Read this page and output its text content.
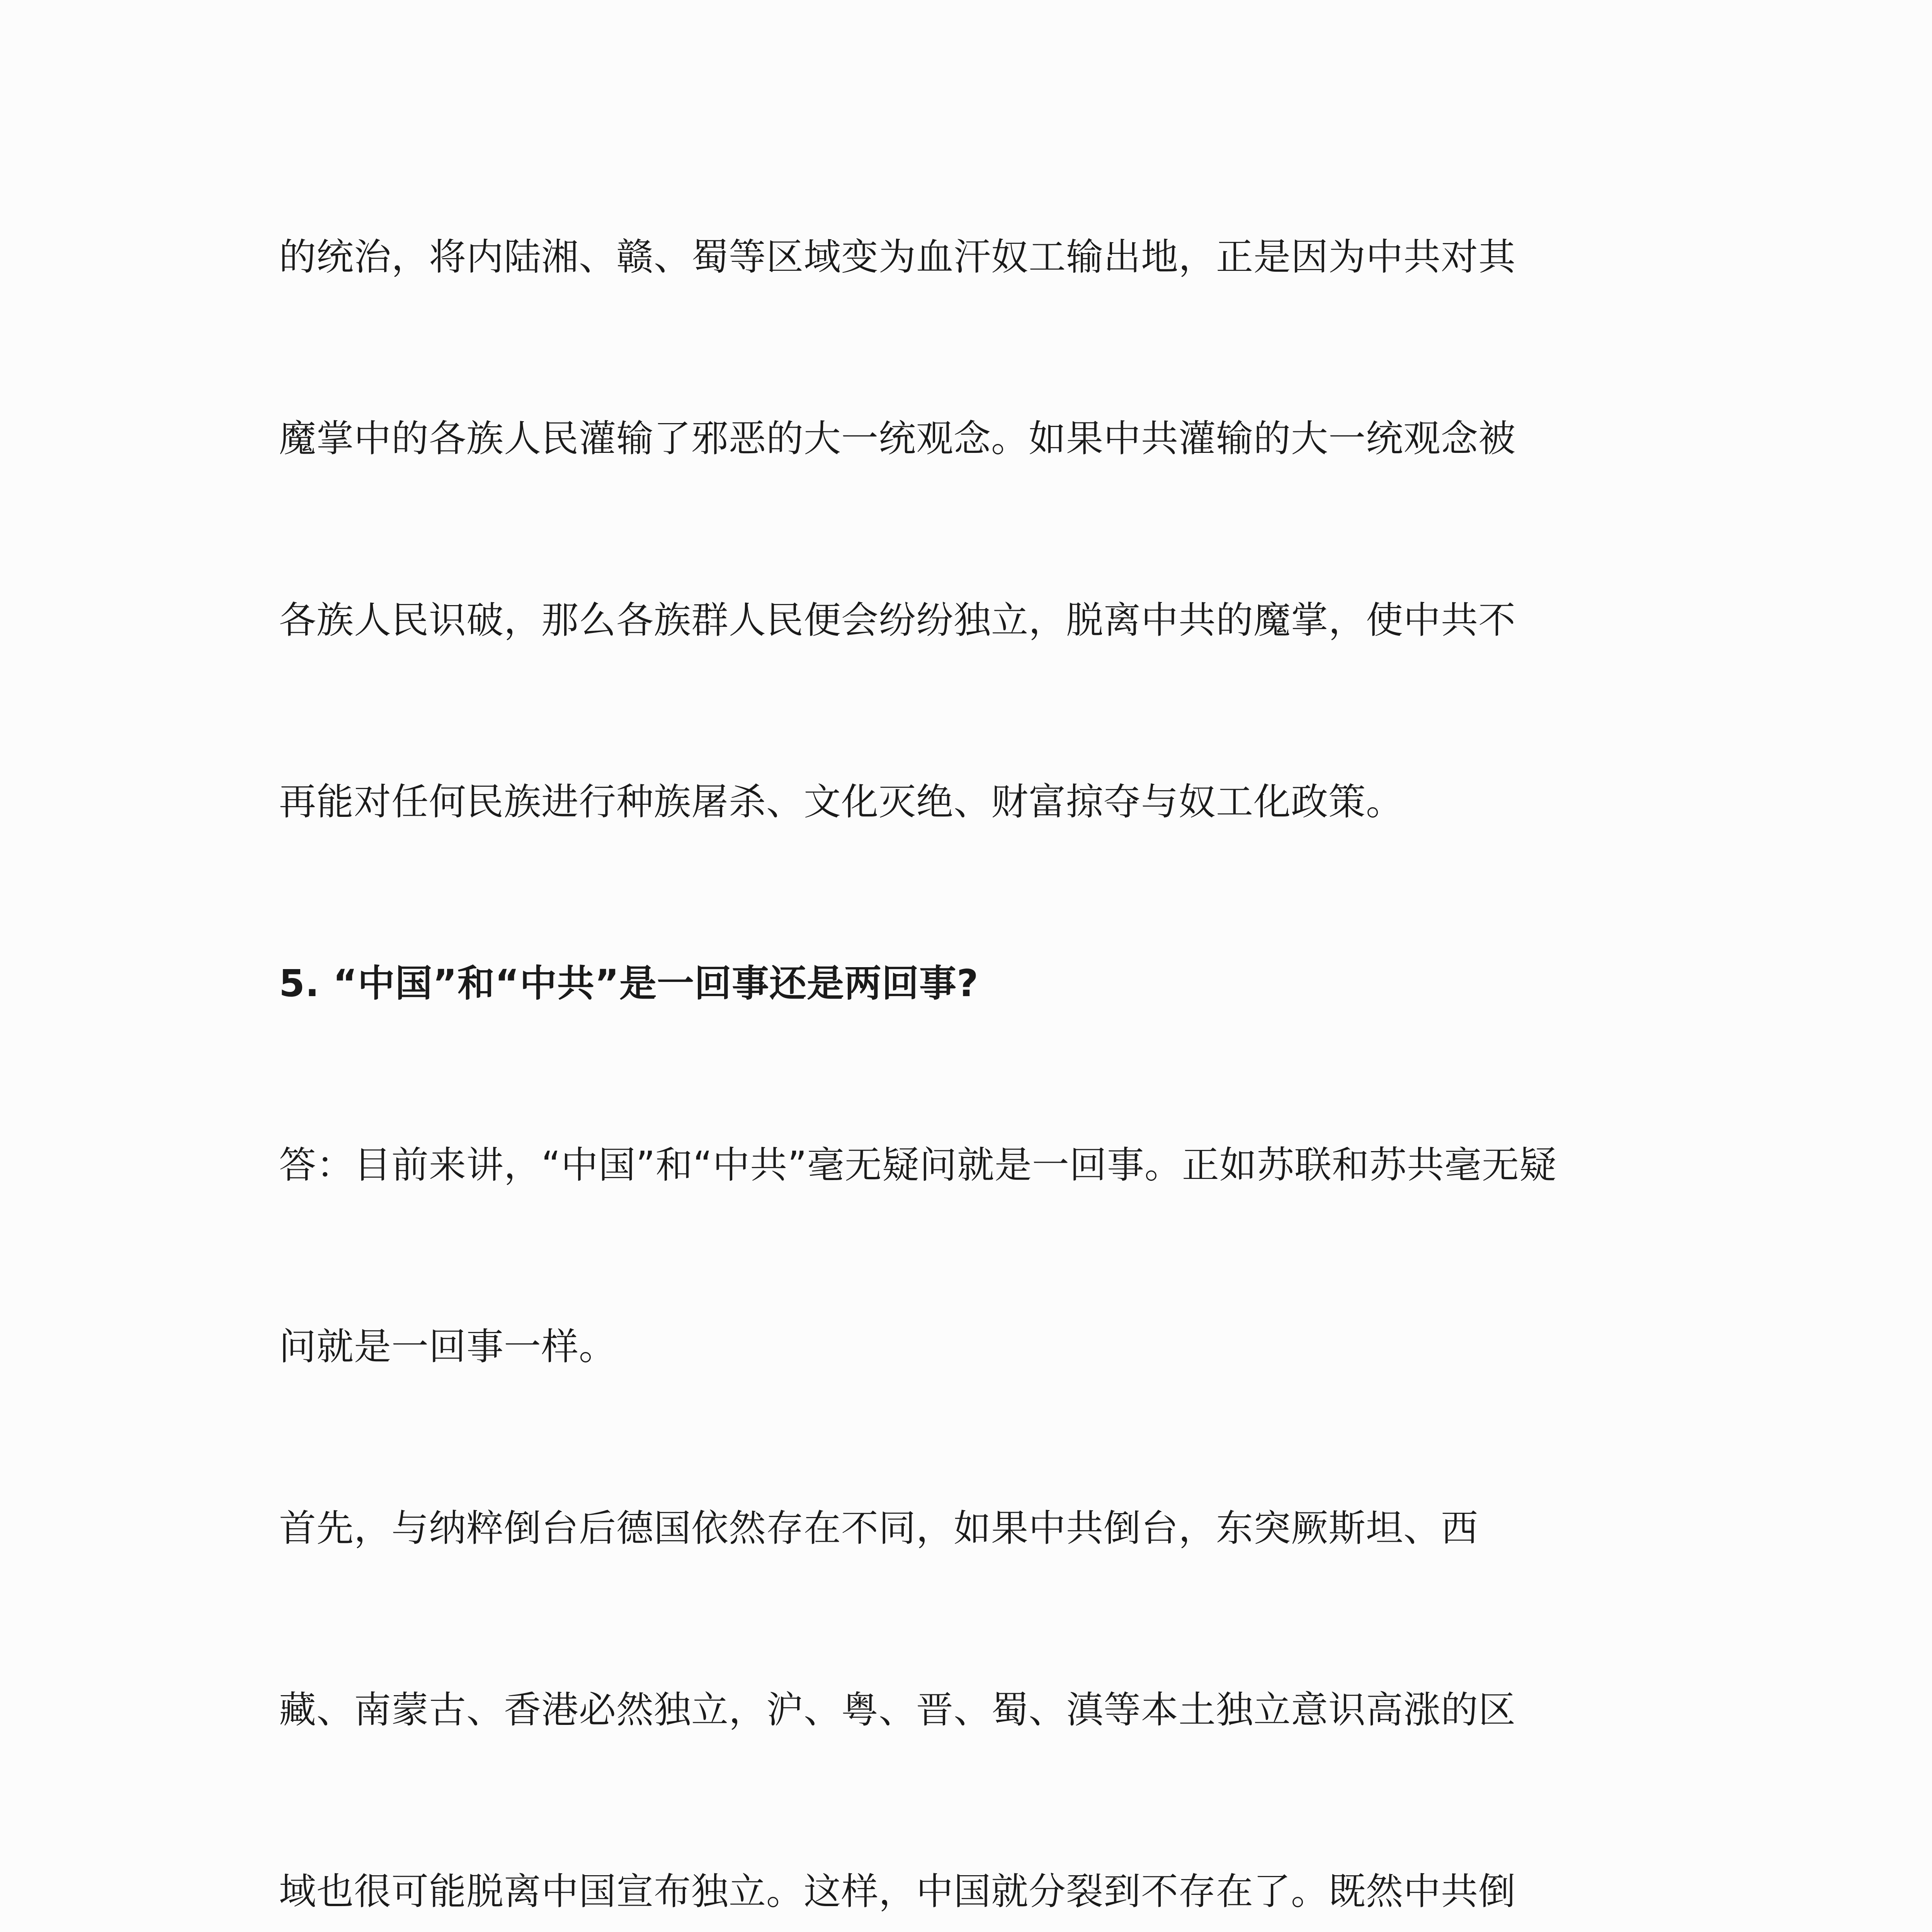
的统治，将内陆湘、赣、蜀等区域变为血汗奴工输出地，正是因为中共对其
魔掌中的各族人民灌输了邪恶的大一统观念。如果中共灌输的大一统观念被
各族人民识破，那么各族群人民便会纷纷独立，脱离中共的魔掌，使中共不
再能对任何民族进行种族屠杀、文化灭绝、财富掠夺与奴工化政策。
5. “中国”和“中共”是一回事还是两回事?
答：目前来讲，“中国”和“中共”毫无疑问就是一回事。正如苏联和苏共毫无疑
问就是一回事一样。
首先，与纳粹倒台后德国依然存在不同，如果中共倒台，东突厥斯坦、西
藏、南蒙古、香港必然独立，沪、粤、晋、蜀、滇等本土独立意识高涨的区
域也很可能脱离中国宣布独立。这样，中国就分裂到不存在了。既然中共倒
